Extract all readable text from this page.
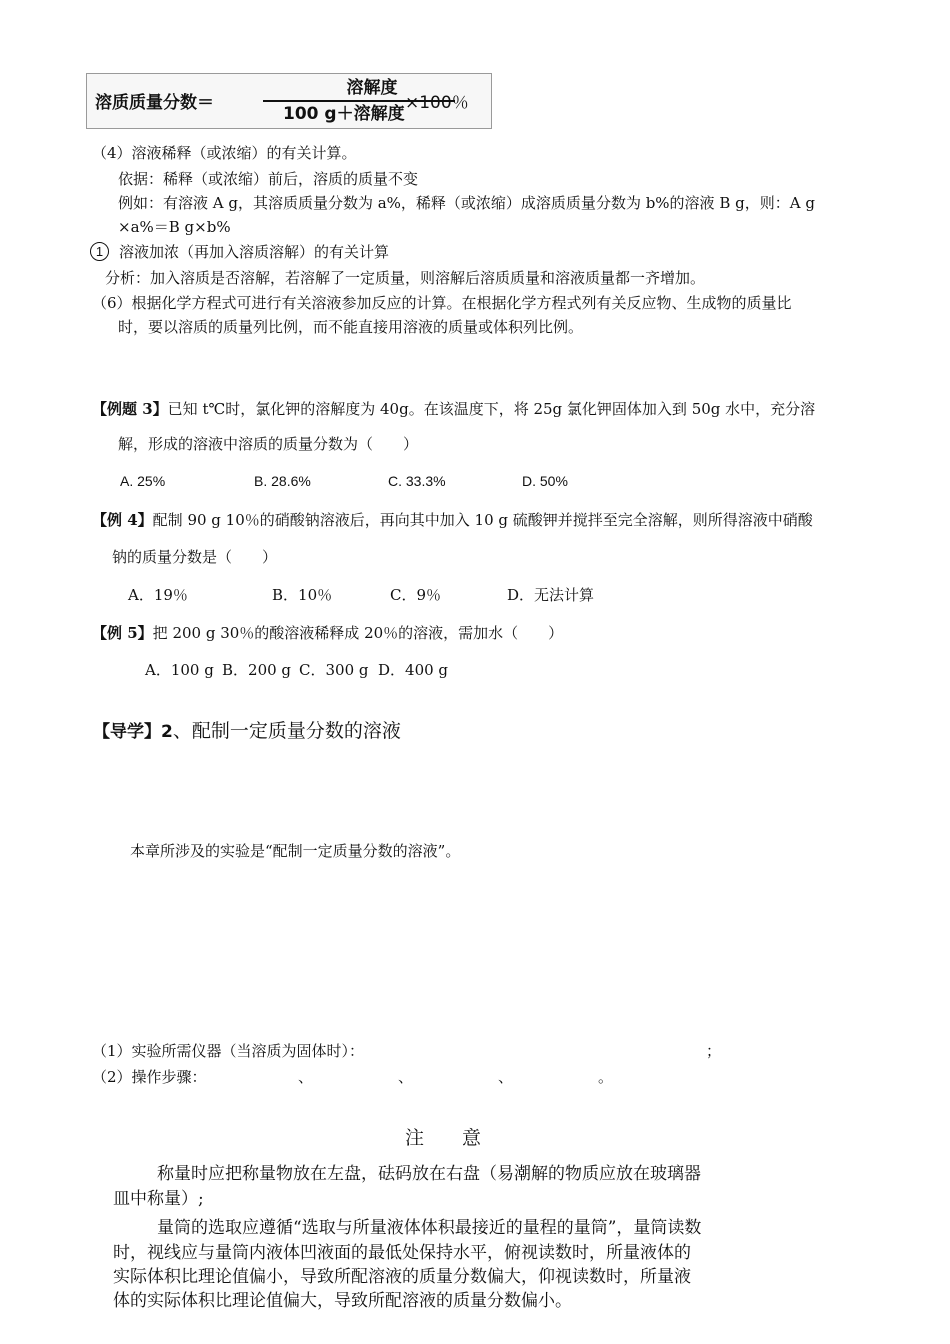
溶质质量分数＝
溶解度
100 g＋溶解度
×100％
（4）溶液稀释（或浓缩）的有关计算。
依据：稀释（或浓缩）前后，溶质的质量不变
例如：有溶液 A g，其溶质质量分数为 a%，稀释（或浓缩）成溶质质量分数为 b%的溶液 B g，则：A g
×a%＝B g×b%
1 溶液加浓（再加入溶质溶解）的有关计算
分析：加入溶质是否溶解，若溶解了一定质量，则溶解后溶质质量和溶液质量都一齐增加。
（6）根据化学方程式可进行有关溶液参加反应的计算。在根据化学方程式列有关反应物、生成物的质量比
时，要以溶质的质量列比例，而不能直接用溶液的质量或体积列比例。
【例题 3】已知 t℃时，氯化钾的溶解度为 40g。在该温度下，将 25g 氯化钾固体加入到 50g 水中，充分溶
解，形成的溶液中溶质的质量分数为（　　）
A. 25%	B. 28.6%	C. 33.3%	D. 50%
【例 4】配制 90 g 10％的硝酸钠溶液后，再向其中加入 10 g 硫酸钾并搅拌至完全溶解，则所得溶液中硝酸
钠的质量分数是（　　）
A．19％	B．10％	C．9％	D．无法计算
【例 5】把 200 g 30％的酸溶液稀释成 20％的溶液，需加水（　　）
A．100 g B．200 g C．300 g D．400 g
【导学】2、配制一定质量分数的溶液
本章所涉及的实验是“配制一定质量分数的溶液”。
（1）实验所需仪器（当溶质为固体时）：	；
（2）操作步骤：	、	、	、	。
注　　意
称量时应把称量物放在左盘，砝码放在右盘（易潮解的物质应放在玻璃器
皿中称量）;
量筒的选取应遵循“选取与所量液体体积最接近的量程的量筒”，量筒读数
时，视线应与量筒内液体凹液面的最低处保持水平，俯视读数时，所量液体的
实际体积比理论值偏小，导致所配溶液的质量分数偏大，仰视读数时，所量液
体的实际体积比理论值偏大，导致所配溶液的质量分数偏小。
